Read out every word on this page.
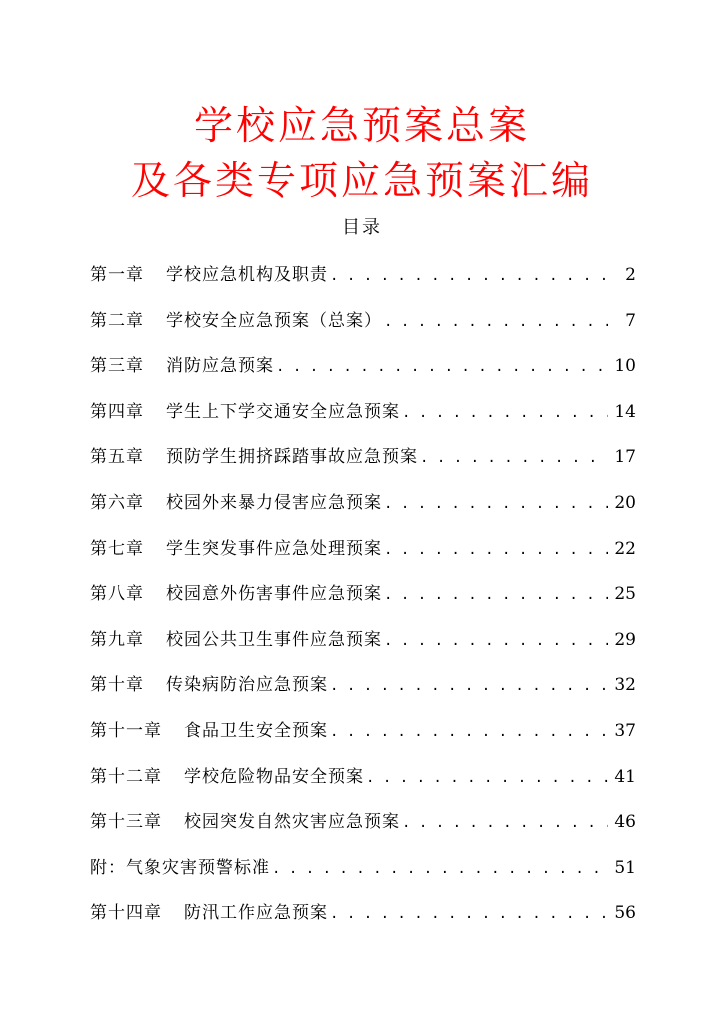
学校应急预案总案
及各类专项应急预案汇编
目录
第一章	学校应急机构及职责 . . .	2
第二章	学校安全应急预案（总案） . . .	7
第三章	消防应急预案 . . .	10
第四章	学生上下学交通安全应急预案 . . .	14
第五章	预防学生拥挤踩踏事故应急预案 . . .	17
第六章	校园外来暴力侵害应急预案 . . .	20
第七章	学生突发事件应急处理预案 . . .	22
第八章	校园意外伤害事件应急预案 . . .	25
第九章	校园公共卫生事件应急预案 . . .	29
第十章	传染病防治应急预案 . . .	32
第十一章	食品卫生安全预案 . . .	37
第十二章	学校危险物品安全预案 . . .	41
第十三章	校园突发自然灾害应急预案 . . .	46
附：气象灾害预警标准 . . .	51
第十四章	防汛工作应急预案 . . .	56
